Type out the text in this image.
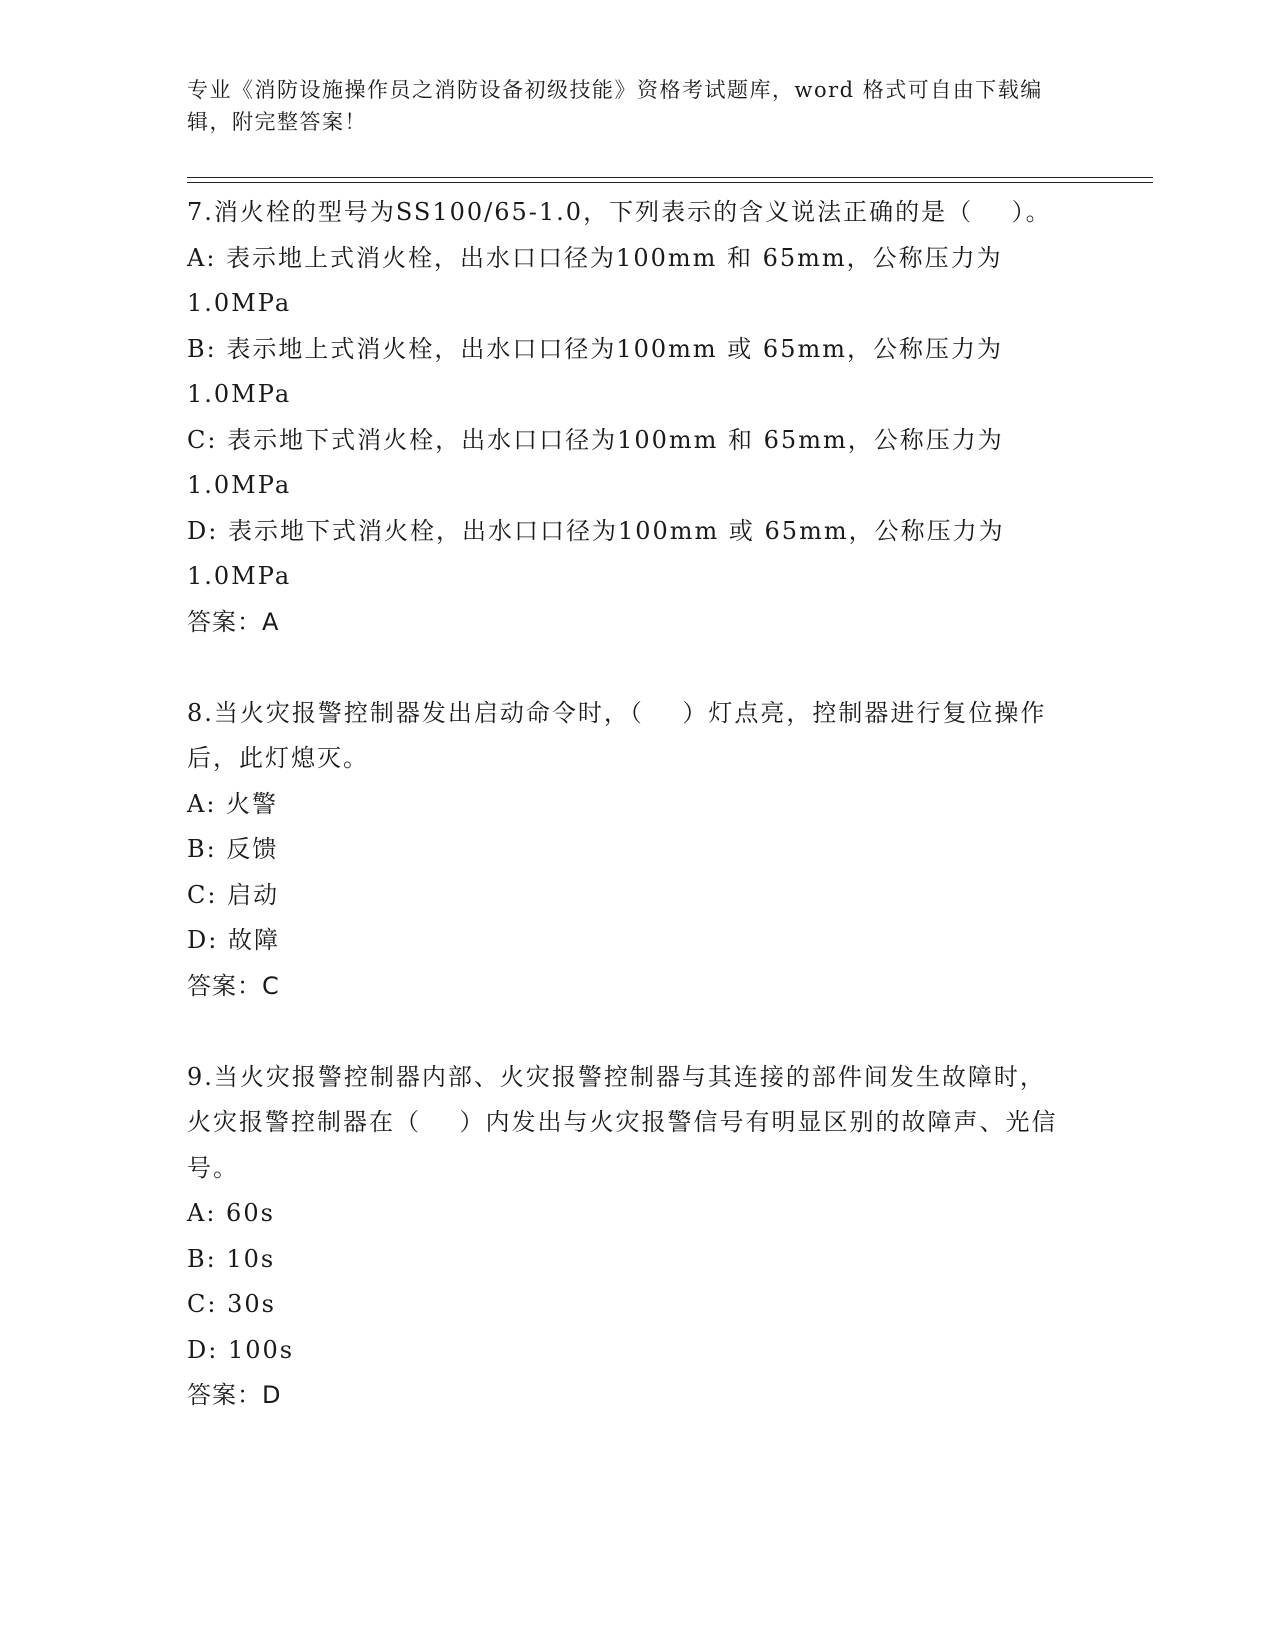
专业《消防设施操作员之消防设备初级技能》资格考试题库，word 格式可自由下载编辑，附完整答案！

7.消火栓的型号为SS100/65-1.0，下列表示的含义说法正确的是（    ）。

A: 表示地上式消火栓，出水口口径为100mm 和 65mm，公称压力为 1.0MPa

B: 表示地上式消火栓，出水口口径为100mm 或 65mm，公称压力为 1.0MPa

C: 表示地下式消火栓，出水口口径为100mm 和 65mm，公称压力为 1.0MPa

D: 表示地下式消火栓，出水口口径为100mm 或 65mm，公称压力为 1.0MPa

答案：A

8.当火灾报警控制器发出启动命令时，（    ）灯点亮，控制器进行复位操作后，此灯熄灭。

A: 火警

B: 反馈

C: 启动

D: 故障

答案：C

9.当火灾报警控制器内部、火灾报警控制器与其连接的部件间发生故障时，火灾报警控制器在（    ）内发出与火灾报警信号有明显区别的故障声、光信号。

A: 60s

B: 10s

C: 30s

D: 100s

答案：D
